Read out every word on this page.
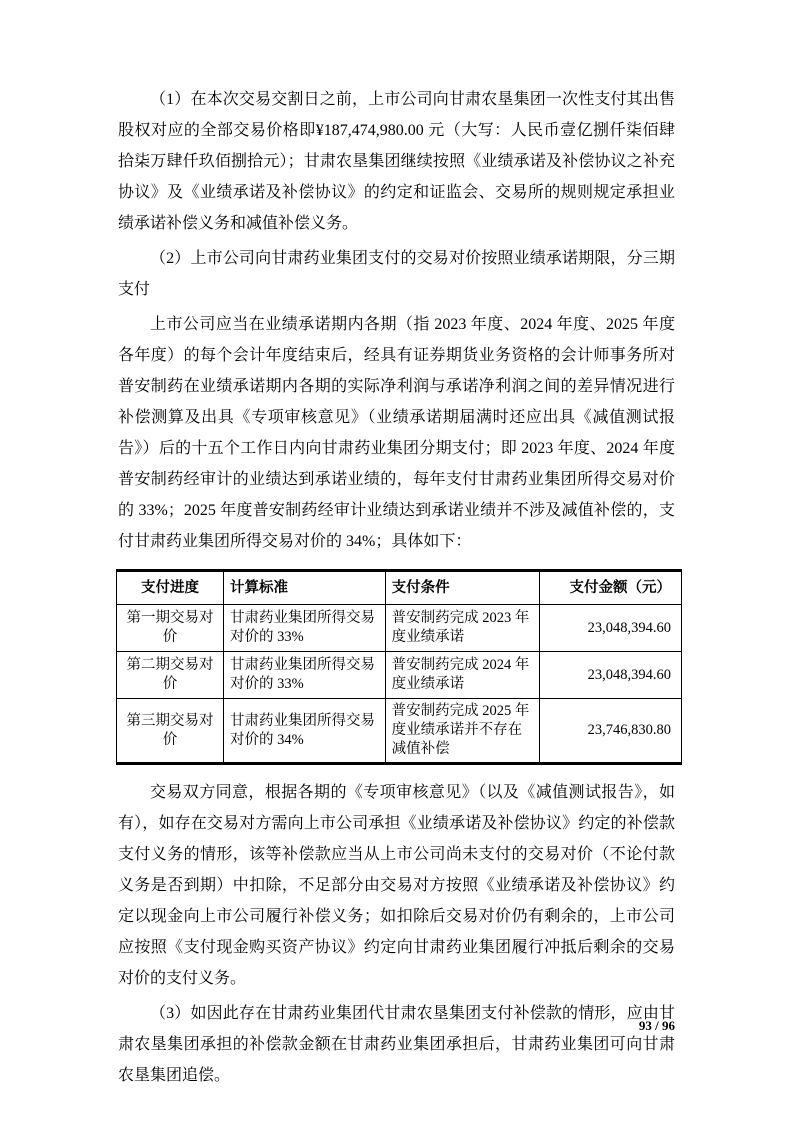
（1）在本次交易交割日之前，上市公司向甘肃农垦集团一次性支付其出售股权对应的全部交易价格即¥187,474,980.00 元（大写：人民币壹亿捌仟柒佰肆拾柒万肆仟玖佰捌拾元）；甘肃农垦集团继续按照《业绩承诺及补偿协议之补充协议》及《业绩承诺及补偿协议》的约定和证监会、交易所的规则规定承担业绩承诺补偿义务和减值补偿义务。

（2）上市公司向甘肃药业集团支付的交易对价按照业绩承诺期限，分三期支付

上市公司应当在业绩承诺期内各期（指 2023 年度、2024 年度、2025 年度各年度）的每个会计年度结束后，经具有证券期货业务资格的会计师事务所对普安制药在业绩承诺期内各期的实际净利润与承诺净利润之间的差异情况进行补偿测算及出具《专项审核意见》（业绩承诺期届满时还应出具《减值测试报告》）后的十五个工作日内向甘肃药业集团分期支付；即 2023 年度、2024 年度普安制药经审计的业绩达到承诺业绩的，每年支付甘肃药业集团所得交易对价的 33%；2025 年度普安制药经审计业绩达到承诺业绩并不涉及减值补偿的，支付甘肃药业集团所得交易对价的 34%；具体如下：

支付进度	计算标准	支付条件	支付金额（元）
第一期交易对价	甘肃药业集团所得交易对价的 33%	普安制药完成 2023 年度业绩承诺	23,048,394.60
第二期交易对价	甘肃药业集团所得交易对价的 33%	普安制药完成 2024 年度业绩承诺	23,048,394.60
第三期交易对价	甘肃药业集团所得交易对价的 34%	普安制药完成 2025 年度业绩承诺并不存在减值补偿	23,746,830.80

交易双方同意，根据各期的《专项审核意见》（以及《减值测试报告》，如有），如存在交易对方需向上市公司承担《业绩承诺及补偿协议》约定的补偿款支付义务的情形，该等补偿款应当从上市公司尚未支付的交易对价（不论付款义务是否到期）中扣除，不足部分由交易对方按照《业绩承诺及补偿协议》约定以现金向上市公司履行补偿义务；如扣除后交易对价仍有剩余的，上市公司应按照《支付现金购买资产协议》约定向甘肃药业集团履行冲抵后剩余的交易对价的支付义务。

（3）如因此存在甘肃药业集团代甘肃农垦集团支付补偿款的情形，应由甘肃农垦集团承担的补偿款金额在甘肃药业集团承担后，甘肃药业集团可向甘肃农垦集团追偿。

93 / 96
